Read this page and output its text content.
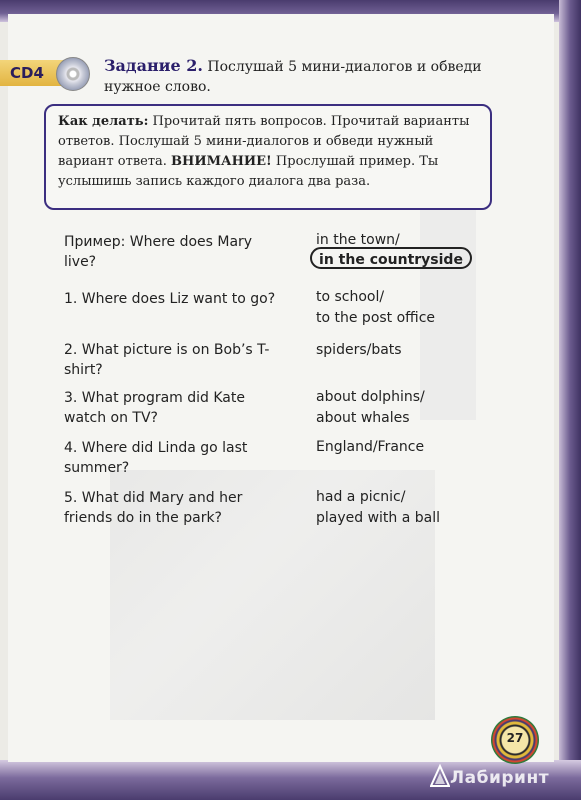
CD4	Задание 2. Послушай 5 мини-диалогов и обведи нужное слово.
Как делать: Прочитай пять вопросов. Прочитай варианты ответов. Послушай 5 мини-диалогов и обведи нужный вариант ответа. ВНИМАНИЕ! Прослушай пример. Ты услышишь запись каждого диалога два раза.
Пример: Where does Mary live?
in the town/
in the countryside
1. Where does Liz want to go?	to school/
to the post office
2. What picture is on Bob’s T-shirt?
spiders/bats
3. What program did Kate watch on TV?
about dolphins/
about whales
4. Where did Linda go last summer?
England/France
5. What did Mary and her friends do in the park?
had a picnic/
played with a ball
27
Лабиринт
